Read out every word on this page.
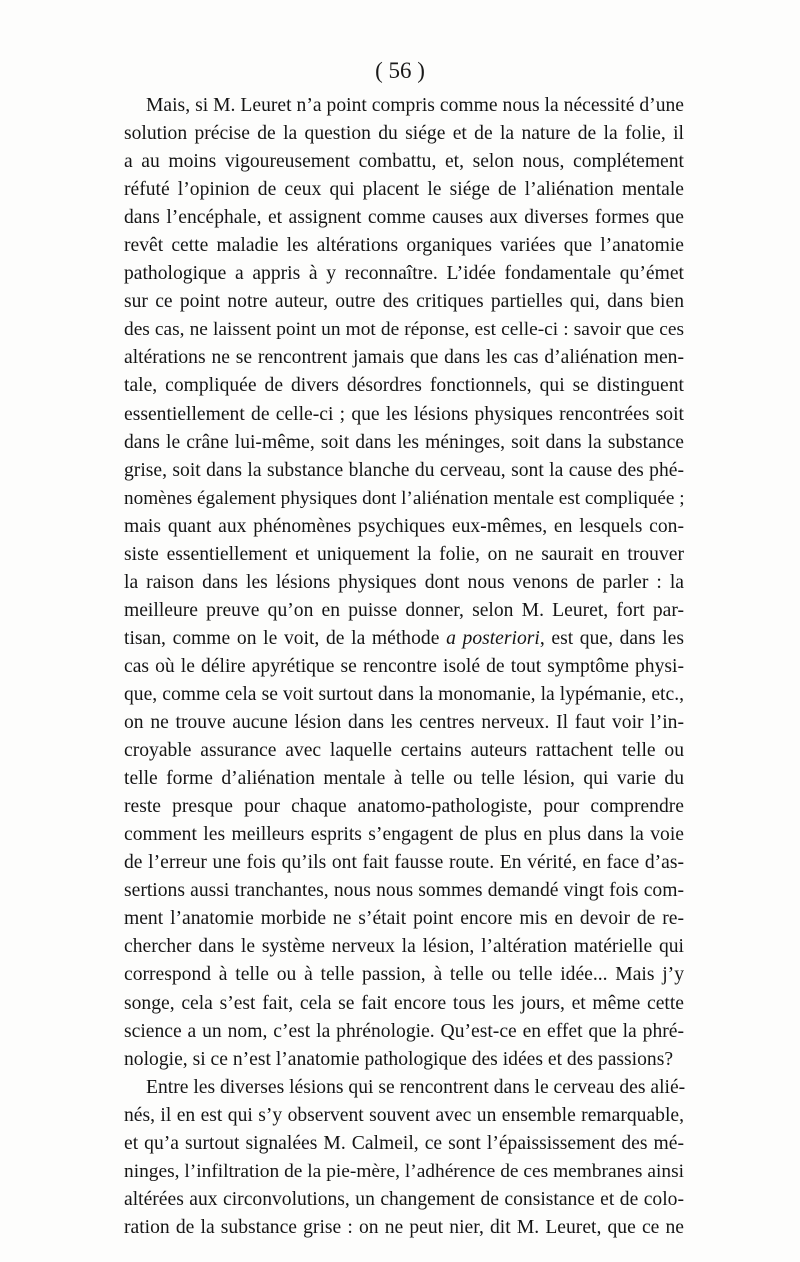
( 56 )
Mais, si M. Leuret n’a point compris comme nous la nécessité d’une
solution précise de la question du siége et de la nature de la folie, il
a au moins vigoureusement combattu, et, selon nous, complétement
réfuté l’opinion de ceux qui placent le siége de l’aliénation mentale
dans l’encéphale, et assignent comme causes aux diverses formes que
revêt cette maladie les altérations organiques variées que l’anatomie
pathologique a appris à y reconnaître. L’idée fondamentale qu’émet
sur ce point notre auteur, outre des critiques partielles qui, dans bien
des cas, ne laissent point un mot de réponse, est celle-ci : savoir que ces
altérations ne se rencontrent jamais que dans les cas d’aliénation men-
tale, compliquée de divers désordres fonctionnels, qui se distinguent
essentiellement de celle-ci ; que les lésions physiques rencontrées soit
dans le crâne lui-même, soit dans les méninges, soit dans la substance
grise, soit dans la substance blanche du cerveau, sont la cause des phé-
nomènes également physiques dont l’aliénation mentale est compliquée ;
mais quant aux phénomènes psychiques eux-mêmes, en lesquels con-
siste essentiellement et uniquement la folie, on ne saurait en trouver
la raison dans les lésions physiques dont nous venons de parler : la
meilleure preuve qu’on en puisse donner, selon M. Leuret, fort par-
tisan, comme on le voit, de la méthode a posteriori, est que, dans les
cas où le délire apyrétique se rencontre isolé de tout symptôme physi-
que, comme cela se voit surtout dans la monomanie, la lypémanie, etc.,
on ne trouve aucune lésion dans les centres nerveux. Il faut voir l’in-
croyable assurance avec laquelle certains auteurs rattachent telle ou
telle forme d’aliénation mentale à telle ou telle lésion, qui varie du
reste presque pour chaque anatomo-pathologiste, pour comprendre
comment les meilleurs esprits s’engagent de plus en plus dans la voie
de l’erreur une fois qu’ils ont fait fausse route. En vérité, en face d’as-
sertions aussi tranchantes, nous nous sommes demandé vingt fois com-
ment l’anatomie morbide ne s’était point encore mis en devoir de re-
chercher dans le système nerveux la lésion, l’altération matérielle qui
correspond à telle ou à telle passion, à telle ou telle idée... Mais j’y
songe, cela s’est fait, cela se fait encore tous les jours, et même cette
science a un nom, c’est la phrénologie. Qu’est-ce en effet que la phré-
nologie, si ce n’est l’anatomie pathologique des idées et des passions?
Entre les diverses lésions qui se rencontrent dans le cerveau des alié-
nés, il en est qui s’y observent souvent avec un ensemble remarquable,
et qu’a surtout signalées M. Calmeil, ce sont l’épaississement des mé-
ninges, l’infiltration de la pie-mère, l’adhérence de ces membranes ainsi
altérées aux circonvolutions, un changement de consistance et de colo-
ration de la substance grise : on ne peut nier, dit M. Leuret, que ce ne
